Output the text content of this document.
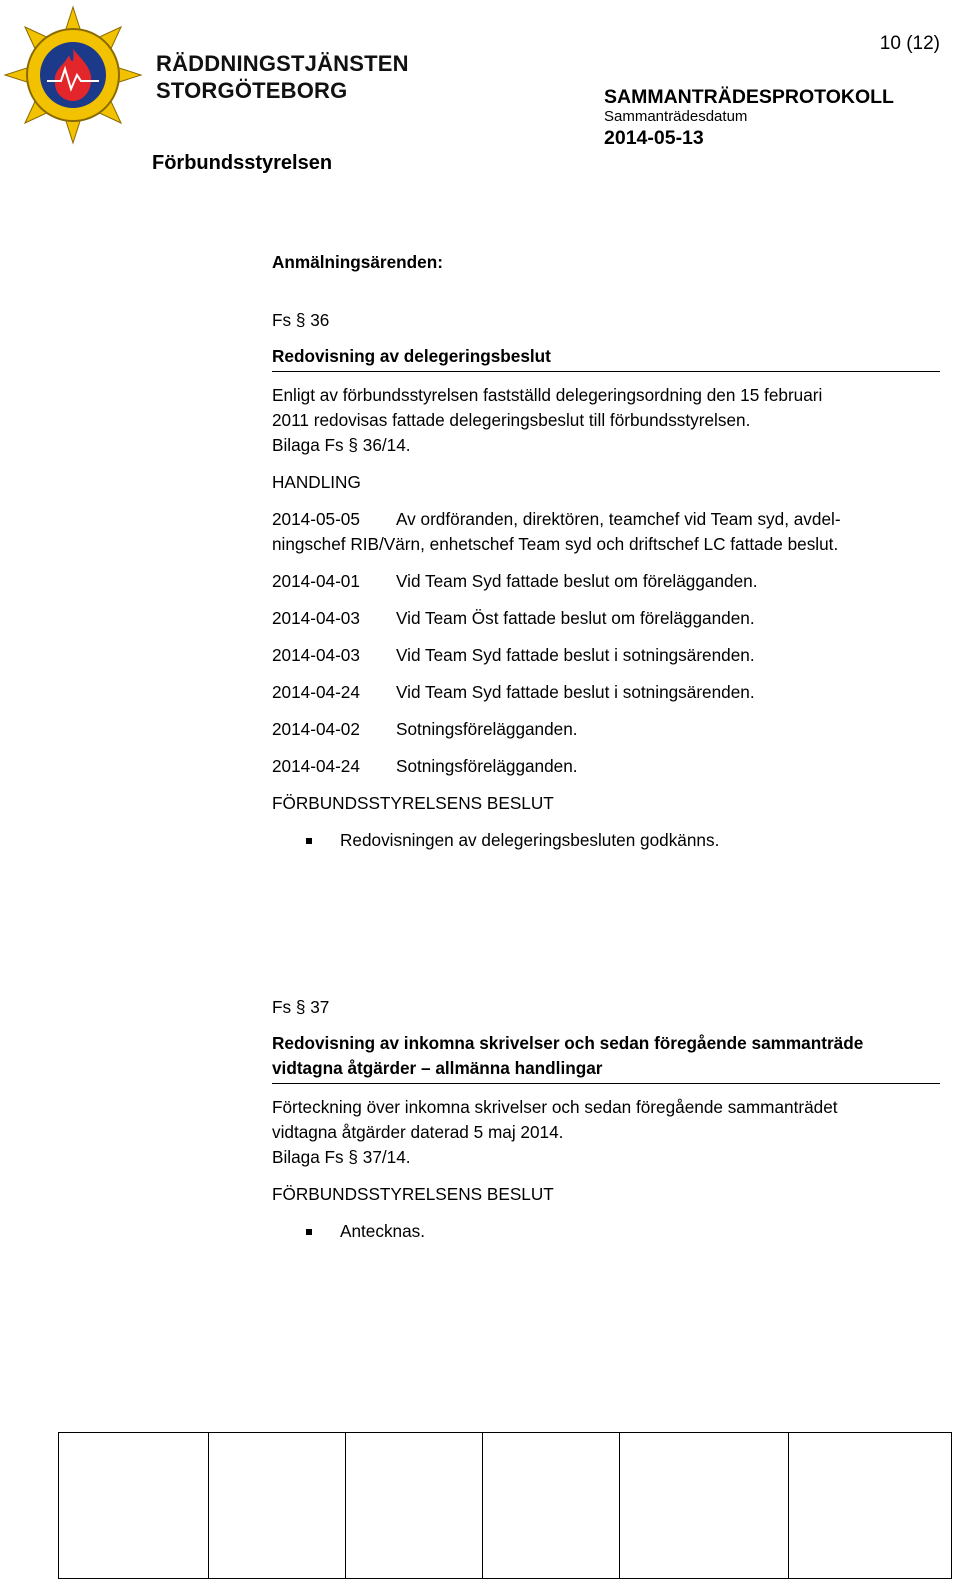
RÄDDNINGSTJÄNSTEN
STORGÖTEBORG
10 (12)
SAMMANTRÄDESPROTOKOLL
Sammanträdesdatum
2014-05-13
Förbundsstyrelsen
Anmälningsärenden:
Fs § 36
Redovisning av delegeringsbeslut
Enligt av förbundsstyrelsen fastställd delegeringsordning den 15 februari
2011 redovisas fattade delegeringsbeslut till förbundsstyrelsen.
Bilaga Fs § 36/14.
HANDLING
2014-05-05	Av ordföranden, direktören, teamchef vid Team syd, avdel-
ningschef RIB/Värn, enhetschef Team syd och driftschef LC fattade beslut.
2014-04-01	Vid Team Syd fattade beslut om förelägganden.
2014-04-03	Vid Team Öst fattade beslut om förelägganden.
2014-04-03	Vid Team Syd fattade beslut i sotningsärenden.
2014-04-24	Vid Team Syd fattade beslut i sotningsärenden.
2014-04-02	Sotningsförelägganden.
2014-04-24	Sotningsförelägganden.
FÖRBUNDSSTYRELSENS BESLUT
Redovisningen av delegeringsbesluten godkänns.
Fs § 37
Redovisning av inkomna skrivelser och sedan föregående sammanträde
vidtagna åtgärder – allmänna handlingar
Förteckning över inkomna skrivelser och sedan föregående sammanträdet
vidtagna åtgärder daterad 5 maj 2014.
Bilaga Fs § 37/14.
FÖRBUNDSSTYRELSENS BESLUT
Antecknas.
